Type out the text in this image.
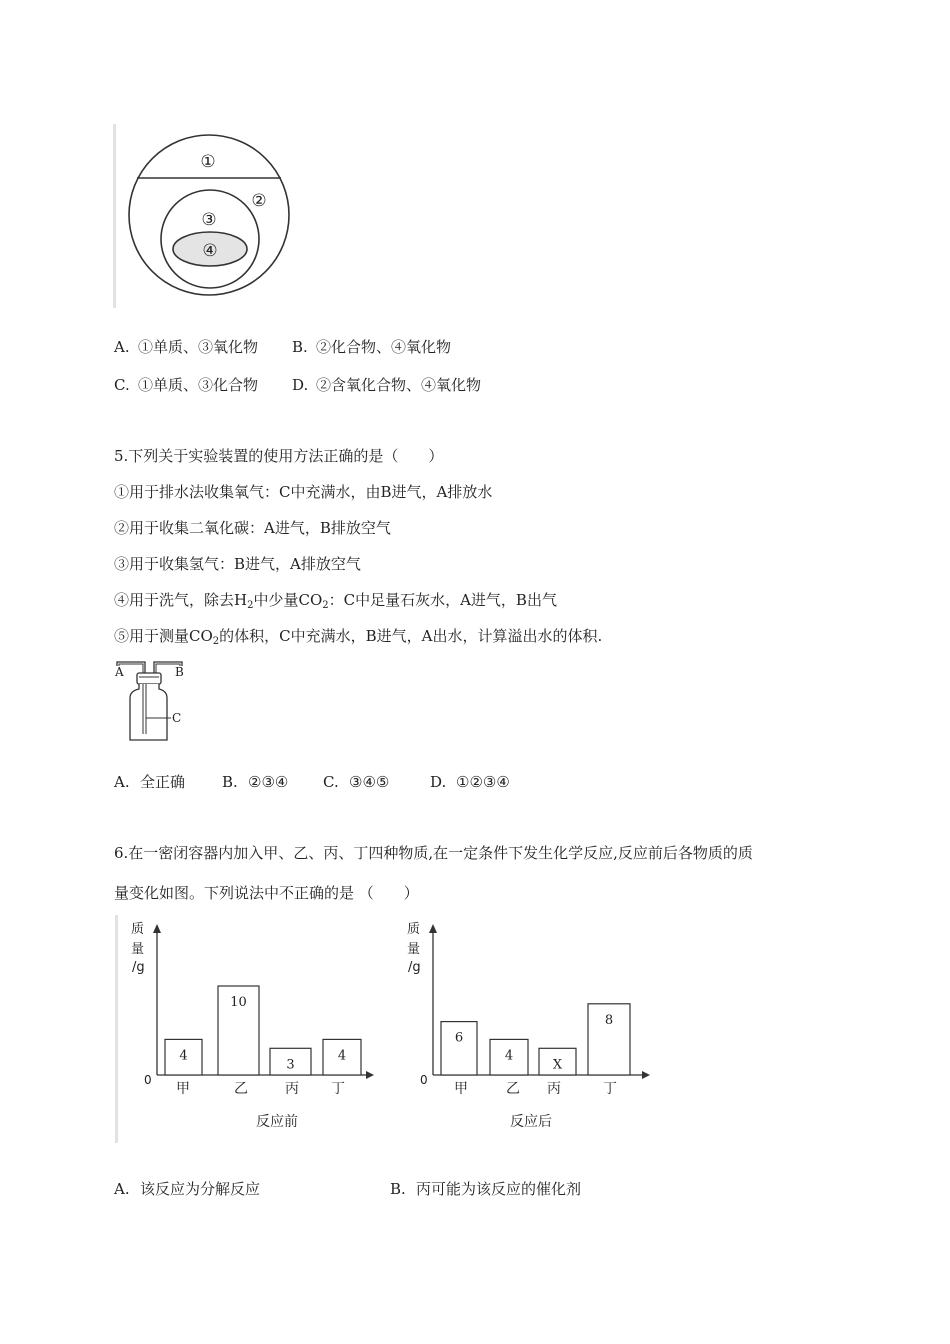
①
②
③
④
A. ①单质、③氧化物 B. ②化合物、④氧化物
C. ①单质、③化合物 D. ②含氧化合物、④氧化物
5.下列关于实验装置的使用方法正确的是（　　）
①用于排水法收集氧气：C中充满水，由B进气，A排放水
②用于收集二氧化碳：A进气，B排放空气
③用于收集氢气：B进气，A排放空气
④用于洗气，除去$H_2$中少量$CO_2$：C中足量石灰水，A进气，B出气
⑤用于测量$CO_2$的体积，C中充满水，B进气，A出水，计算溢出水的体积.
A	B
C
A. 全正确 B. ②③④ C. ③④⑤	D. ①②③④
6.在一密闭容器内加入甲、乙、丙、丁四种物质,在一定条件下发生化学反应,反应前后各物质的质
量变化如图。下列说法中不正确的是 （　　）
质
量
/g
0
4
甲
10
乙
3
丙
4
丁
反应前
质
量
/g
0
6
甲
4
乙
X
丙
8
丁
反应后
A. 该反应为分解反应	B. 丙可能为该反应的催化剂
